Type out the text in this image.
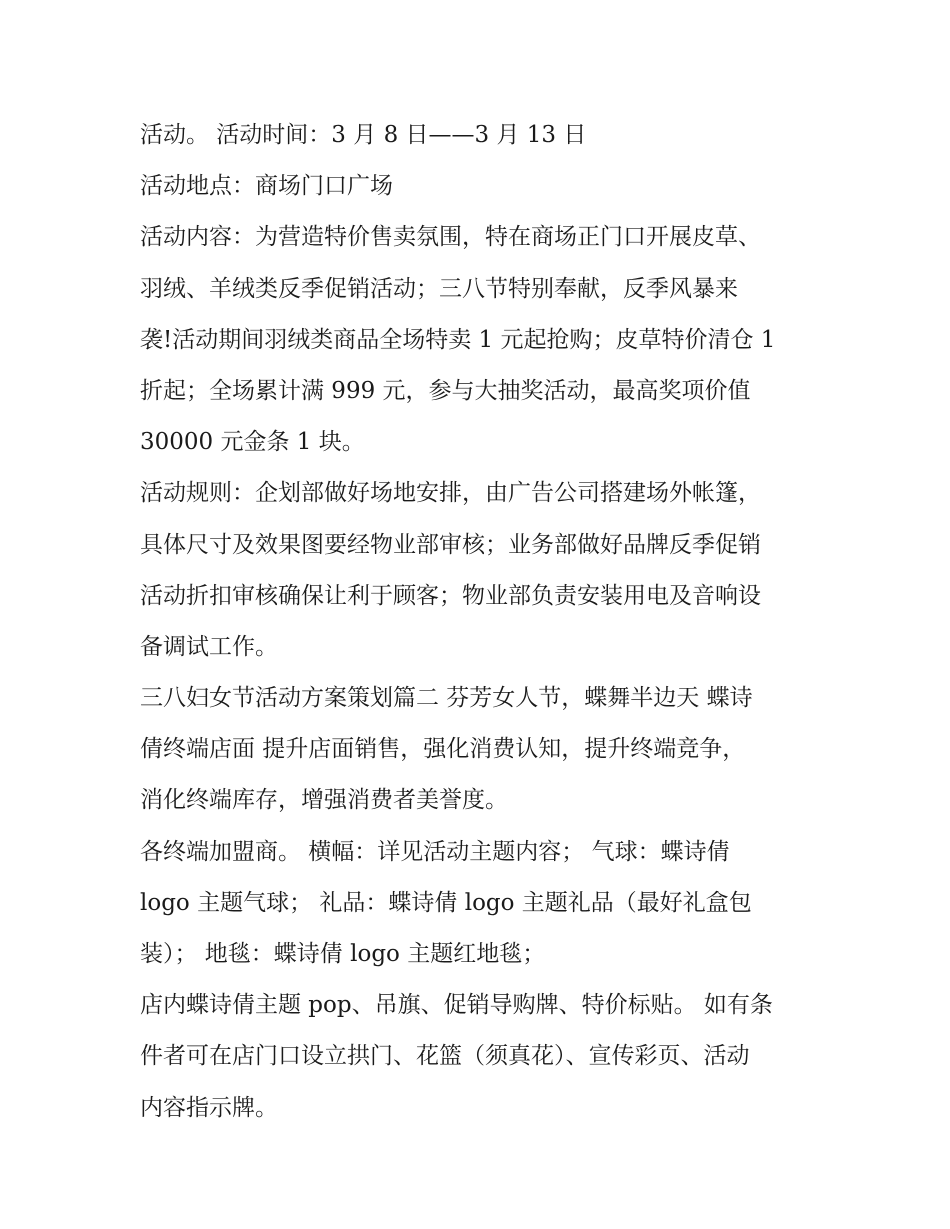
活动。 活动时间：3 月 8 日——3 月 13 日
活动地点：商场门口广场
活动内容：为营造特价售卖氛围，特在商场正门口开展皮草、
羽绒、羊绒类反季促销活动；三八节特别奉献，反季风暴来
袭!活动期间羽绒类商品全场特卖 1 元起抢购；皮草特价清仓 1
折起；全场累计满 999 元，参与大抽奖活动，最高奖项价值
30000 元金条 1 块。
活动规则：企划部做好场地安排，由广告公司搭建场外帐篷，
具体尺寸及效果图要经物业部审核；业务部做好品牌反季促销
活动折扣审核确保让利于顾客；物业部负责安装用电及音响设
备调试工作。
三八妇女节活动方案策划篇二 芬芳女人节，蝶舞半边天 蝶诗
倩终端店面 提升店面销售，强化消费认知，提升终端竞争，
消化终端库存，增强消费者美誉度。
各终端加盟商。 横幅：详见活动主题内容； 气球：蝶诗倩
logo 主题气球； 礼品：蝶诗倩 logo 主题礼品（最好礼盒包
装）； 地毯：蝶诗倩 logo 主题红地毯；
店内蝶诗倩主题 pop、吊旗、促销导购牌、特价标贴。 如有条
件者可在店门口设立拱门、花篮（须真花）、宣传彩页、活动
内容指示牌。
